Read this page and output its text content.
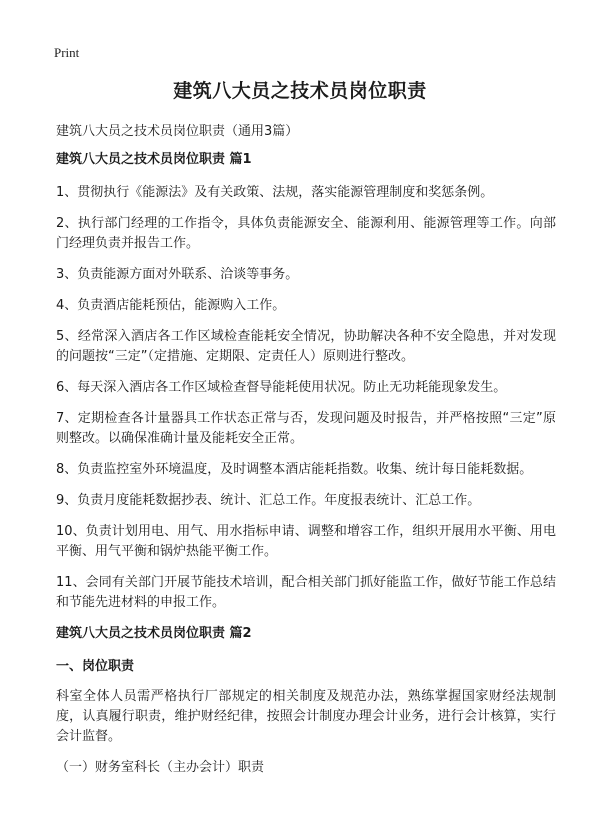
Print
建筑八大员之技术员岗位职责
建筑八大员之技术员岗位职责（通用3篇）
建筑八大员之技术员岗位职责 篇1

1、贯彻执行《能源法》及有关政策、法规，落实能源管理制度和奖惩条例。

2、执行部门经理的工作指令，具体负责能源安全、能源利用、能源管理等工作。向部门经理负责并报告工作。

3、负责能源方面对外联系、洽谈等事务。

4、负责酒店能耗预估，能源购入工作。

5、经常深入酒店各工作区域检查能耗安全情况，协助解决各种不安全隐患，并对发现的问题按“三定”（定措施、定期限、定责任人）原则进行整改。

6、每天深入酒店各工作区域检查督导能耗使用状况。防止无功耗能现象发生。

7、定期检查各计量器具工作状态正常与否，发现问题及时报告，并严格按照“三定”原则整改。以确保准确计量及能耗安全正常。

8、负责监控室外环境温度，及时调整本酒店能耗指数。收集、统计每日能耗数据。

9、负责月度能耗数据抄表、统计、汇总工作。年度报表统计、汇总工作。

10、负责计划用电、用气、用水指标申请、调整和增容工作，组织开展用水平衡、用电平衡、用气平衡和锅炉热能平衡工作。

11、会同有关部门开展节能技术培训，配合相关部门抓好能监工作，做好节能工作总结和节能先进材料的申报工作。

建筑八大员之技术员岗位职责 篇2
一、岗位职责

科室全体人员需严格执行厂部规定的相关制度及规范办法，熟练掌握国家财经法规制度，认真履行职责，维护财经纪律，按照会计制度办理会计业务，进行会计核算，实行会计监督。

（一）财务室科长（主办会计）职责
